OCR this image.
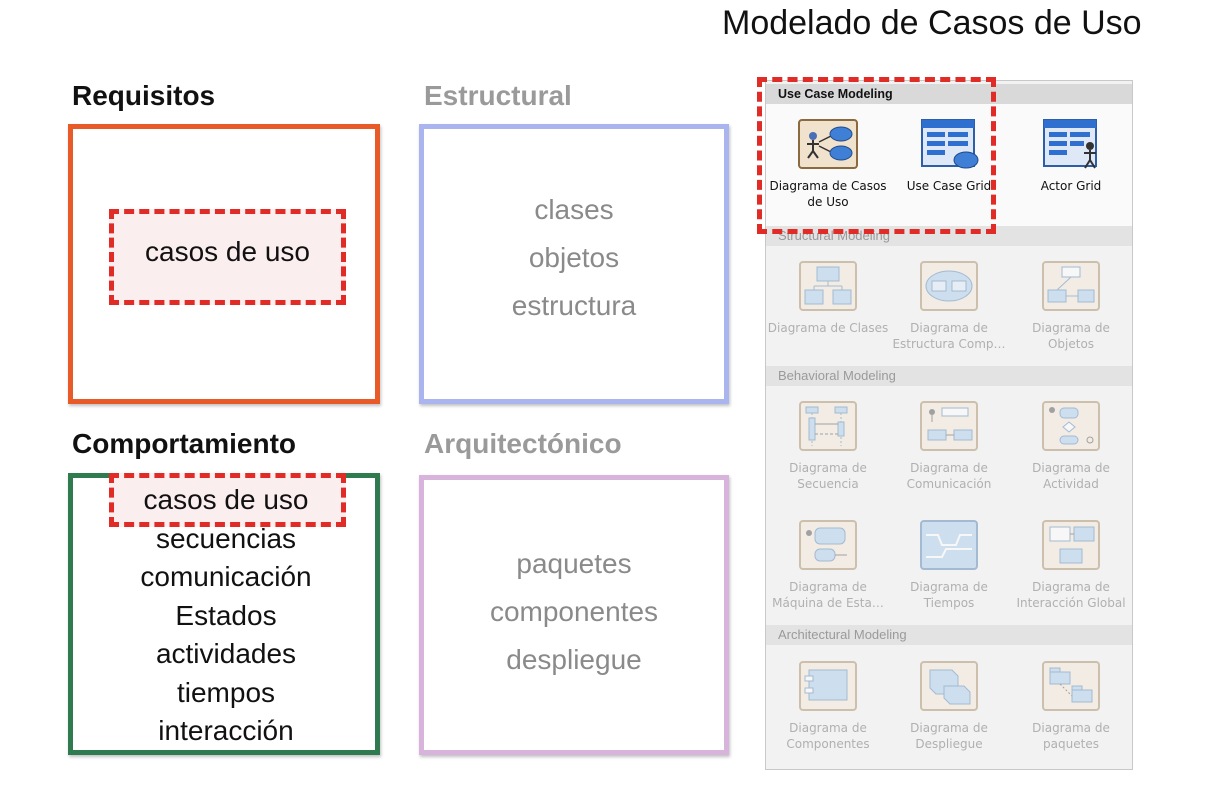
Modelado de Casos de Uso
Requisitos
casos de uso
Estructural
clases
objetos
estructura
Comportamiento
casos de uso
secuencias
comunicación
Estados
actividades
tiempos
interacción
Arquitectónico
paquetes
componentes
despliegue
Use Case Modeling
Structural Modeling
Behavioral Modeling
Architectural Modeling
Diagrama de Casos de Uso
Use Case Grid	Actor Grid
Diagrama de Clases	Diagrama de Estructura Comp…
Diagrama de Objetos
Diagrama de Secuencia
Diagrama de Comunicación
Diagrama de Actividad
Diagrama de Máquina de Esta…
Diagrama de Tiempos
Diagrama de Interacción Global
Diagrama de Componentes
Diagrama de Despliegue
Diagrama de paquetes
